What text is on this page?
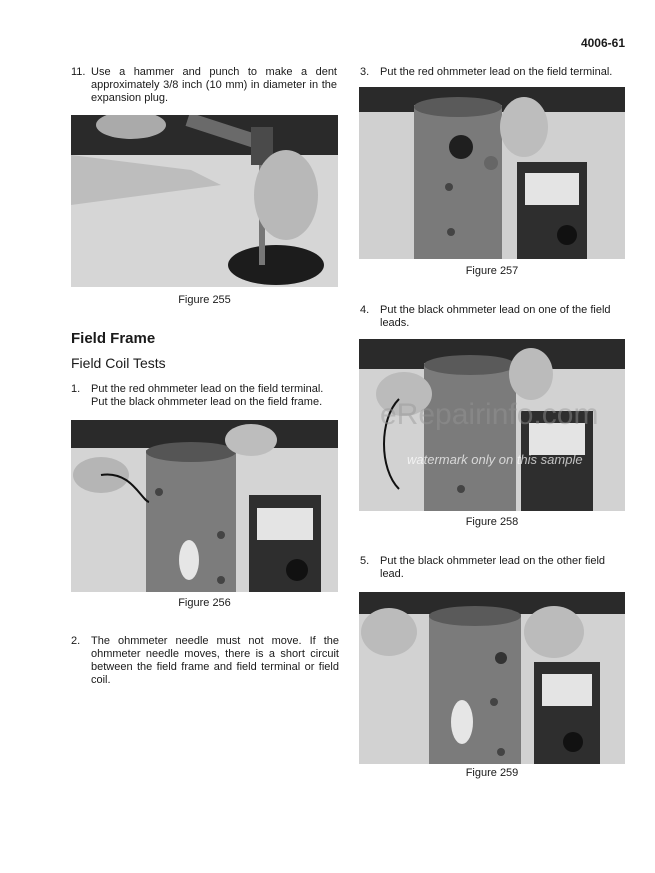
4006-61
11. Use a hammer and punch to make a dent approximately 3/8 inch (10 mm) in diameter in the expansion plug.
Figure 255
Field Frame
Field Coil Tests
1. Put the red ohmmeter lead on the field terminal. Put the black ohmmeter lead on the field frame.
Figure 256
2. The ohmmeter needle must not move. If the ohmmeter needle moves, there is a short circuit between the field frame and field terminal or field coil.
3. Put the red ohmmeter lead on the field terminal.
Figure 257
4. Put the black ohmmeter lead on one of the field leads.
Figure 258
5. Put the black ohmmeter lead on the other field lead.
Figure 259
eRepairinfo.com
watermark only on this sample
